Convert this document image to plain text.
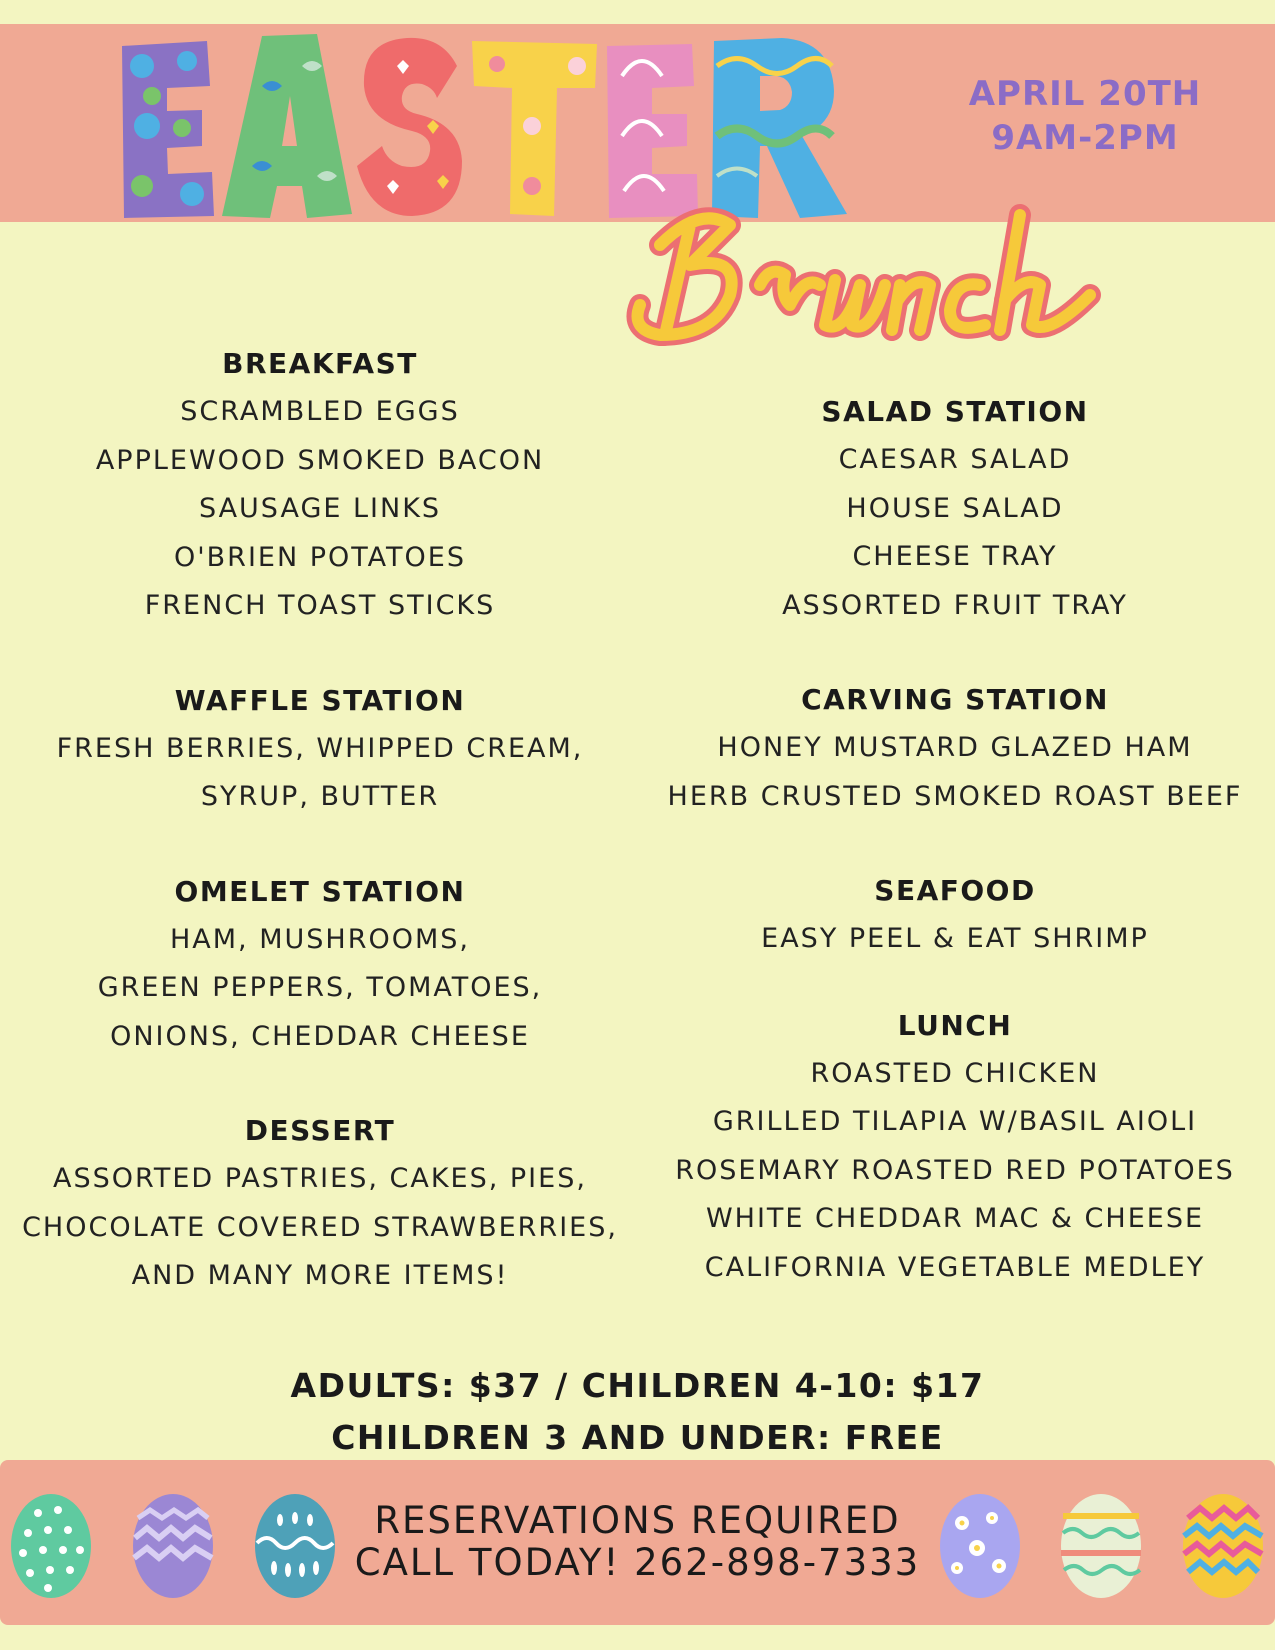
APRIL 20TH
9AM-2PM
BREAKFAST
SCRAMBLED EGGS
APPLEWOOD SMOKED BACON
SAUSAGE LINKS
O'BRIEN POTATOES
FRENCH TOAST STICKS
WAFFLE STATION
FRESH BERRIES, WHIPPED CREAM,
SYRUP, BUTTER
OMELET STATION
HAM, MUSHROOMS,
GREEN PEPPERS, TOMATOES,
ONIONS, CHEDDAR CHEESE
DESSERT
ASSORTED PASTRIES, CAKES, PIES,
CHOCOLATE COVERED STRAWBERRIES,
AND MANY MORE ITEMS!
SALAD STATION
CAESAR SALAD
HOUSE SALAD
CHEESE TRAY
ASSORTED FRUIT TRAY
CARVING STATION
HONEY MUSTARD GLAZED HAM
HERB CRUSTED SMOKED ROAST BEEF
SEAFOOD
EASY PEEL & EAT SHRIMP
LUNCH
ROASTED CHICKEN
GRILLED TILAPIA W/BASIL AIOLI
ROSEMARY ROASTED RED POTATOES
WHITE CHEDDAR MAC & CHEESE
CALIFORNIA VEGETABLE MEDLEY
ADULTS: $37 / CHILDREN 4-10: $17
CHILDREN 3 AND UNDER: FREE
RESERVATIONS REQUIRED
CALL TODAY! 262-898-7333
